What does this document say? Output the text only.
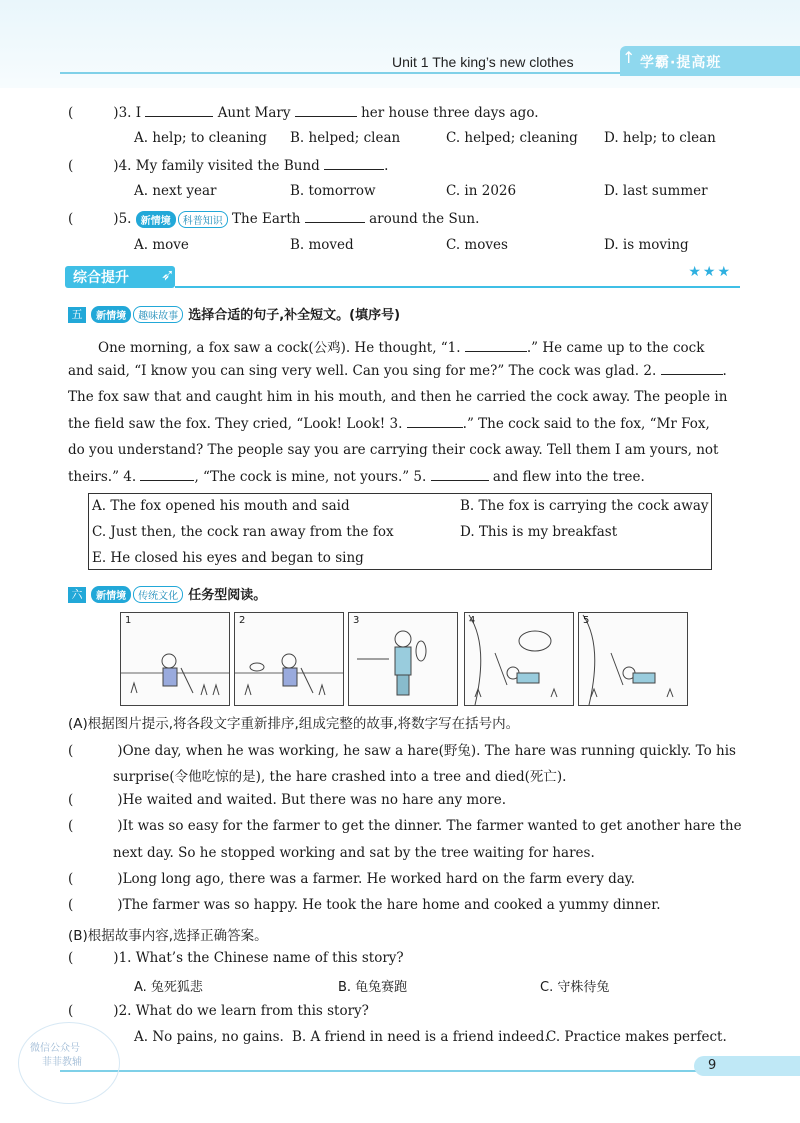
Unit 1 The king’s new clothes	↑ 学霸·提高班
(	)3. I	Aunt Mary	her house three days ago.
A. help; to cleaning B. helped; clean	C. helped; cleaning D. help; to clean
(	)4. My family visited the Bund	.
A. next year	B. tomorrow	C. in 2026	D. last summer
(	)5. 新情境 科普知识 The Earth	around the Sun.
A. move	B. moved	C. moves	D. is moving
综合提升 ➶	★★★
五 新情境 趣味故事 选择合适的句子,补全短文。(填序号)
One morning, a fox saw a cock(公鸡). He thought, “1.	.” He came up to the cock
and said, “I know you can sing very well. Can you sing for me?” The cock was glad. 2.	.
The fox saw that and caught him in his mouth, and then he carried the cock away. The people in
the field saw the fox. They cried, “Look! Look! 3.	.” The cock said to the fox, “Mr Fox,
do you understand? The people say you are carrying their cock away. Tell them I am yours, not
theirs.” 4.	, “The cock is mine, not yours.” 5.	and flew into the tree.
A. The fox opened his mouth and said	B. The fox is carrying the cock away
C. Just then, the cock ran away from the fox	D. This is my breakfast
E. He closed his eyes and began to sing
六 新情境 传统文化 任务型阅读。
1	2	3	4	5
(A)根据图片提示,将各段文字重新排序,组成完整的故事,将数字写在括号内。
(	)One day, when he was working, he saw a hare(野兔). The hare was running quickly. To his
surprise(令他吃惊的是), the hare crashed into a tree and died(死亡).
(	)He waited and waited. But there was no hare any more.
(	)It was so easy for the farmer to get the dinner. The farmer wanted to get another hare the
next day. So he stopped working and sat by the tree waiting for hares.
(	)Long long ago, there was a farmer. He worked hard on the farm every day.
(	)The farmer was so happy. He took the hare home and cooked a yummy dinner.
(B)根据故事内容,选择正确答案。
(	)1. What’s the Chinese name of this story?
A. 兔死狐悲	B. 龟兔赛跑	C. 守株待兔
(	)2. What do we learn from this story?
A. No pains, no gains. B. A friend in need is a friend indeed.
C. Practice makes perfect.
9
微信公众号
菲菲教辅
